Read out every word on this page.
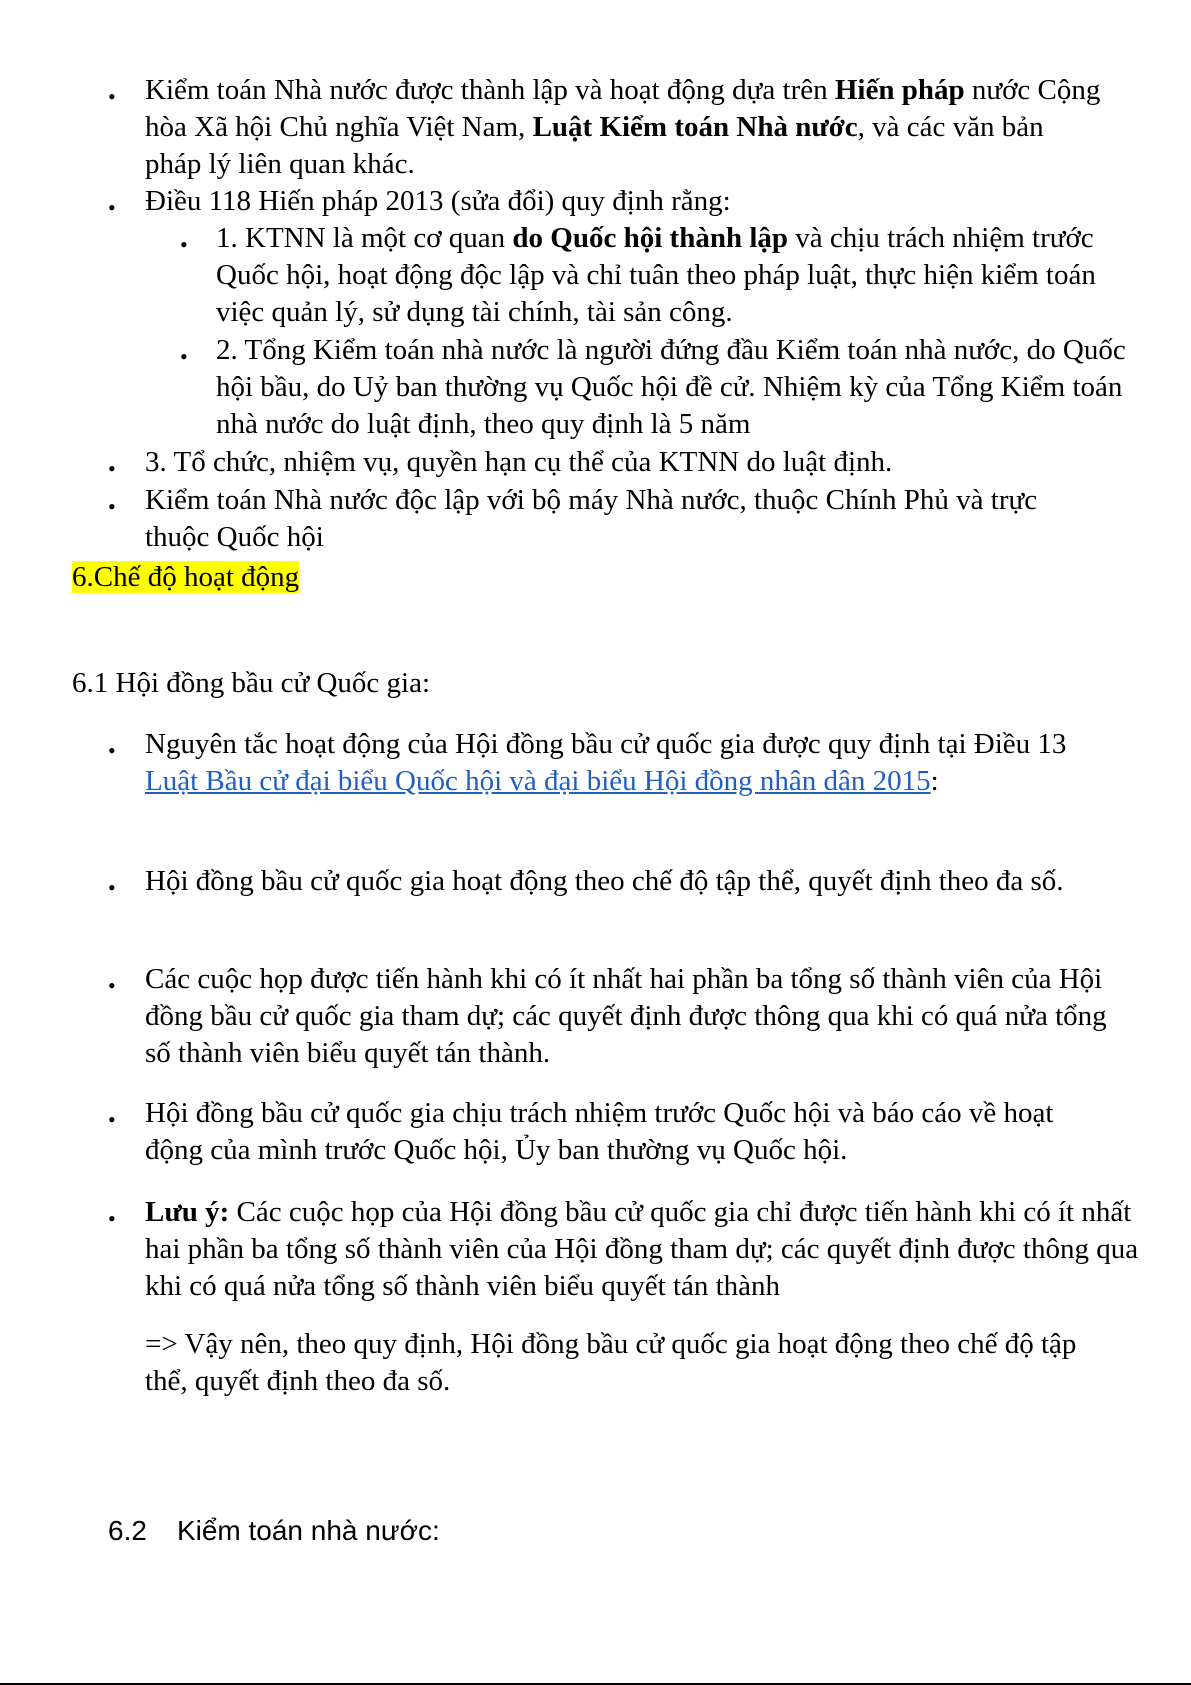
• Kiểm toán Nhà nước được thành lập và hoạt động dựa trên Hiến pháp nước Cộng hòa Xã hội Chủ nghĩa Việt Nam, Luật Kiểm toán Nhà nước, và các văn bản pháp lý liên quan khác.
• Điều 118 Hiến pháp 2013 (sửa đổi) quy định rằng:
• 1. KTNN là một cơ quan do Quốc hội thành lập và chịu trách nhiệm trước Quốc hội, hoạt động độc lập và chỉ tuân theo pháp luật, thực hiện kiểm toán việc quản lý, sử dụng tài chính, tài sản công.
• 2. Tổng Kiểm toán nhà nước là người đứng đầu Kiểm toán nhà nước, do Quốc hội bầu, do Uỷ ban thường vụ Quốc hội đề cử. Nhiệm kỳ của Tổng Kiểm toán nhà nước do luật định, theo quy định là 5 năm
• 3. Tổ chức, nhiệm vụ, quyền hạn cụ thể của KTNN do luật định.
• Kiểm toán Nhà nước độc lập với bộ máy Nhà nước, thuộc Chính Phủ và trực thuộc Quốc hội
6.Chế độ hoạt động
6.1 Hội đồng bầu cử Quốc gia:
• Nguyên tắc hoạt động của Hội đồng bầu cử quốc gia được quy định tại Điều 13 Luật Bầu cử đại biểu Quốc hội và đại biểu Hội đồng nhân dân 2015:
• Hội đồng bầu cử quốc gia hoạt động theo chế độ tập thể, quyết định theo đa số.
• Các cuộc họp được tiến hành khi có ít nhất hai phần ba tổng số thành viên của Hội đồng bầu cử quốc gia tham dự; các quyết định được thông qua khi có quá nửa tổng số thành viên biểu quyết tán thành.
• Hội đồng bầu cử quốc gia chịu trách nhiệm trước Quốc hội và báo cáo về hoạt động của mình trước Quốc hội, Ủy ban thường vụ Quốc hội.
• Lưu ý: Các cuộc họp của Hội đồng bầu cử quốc gia chỉ được tiến hành khi có ít nhất hai phần ba tổng số thành viên của Hội đồng tham dự; các quyết định được thông qua khi có quá nửa tổng số thành viên biểu quyết tán thành
=> Vậy nên, theo quy định, Hội đồng bầu cử quốc gia hoạt động theo chế độ tập thể, quyết định theo đa số.
6.2 Kiểm toán nhà nước:
